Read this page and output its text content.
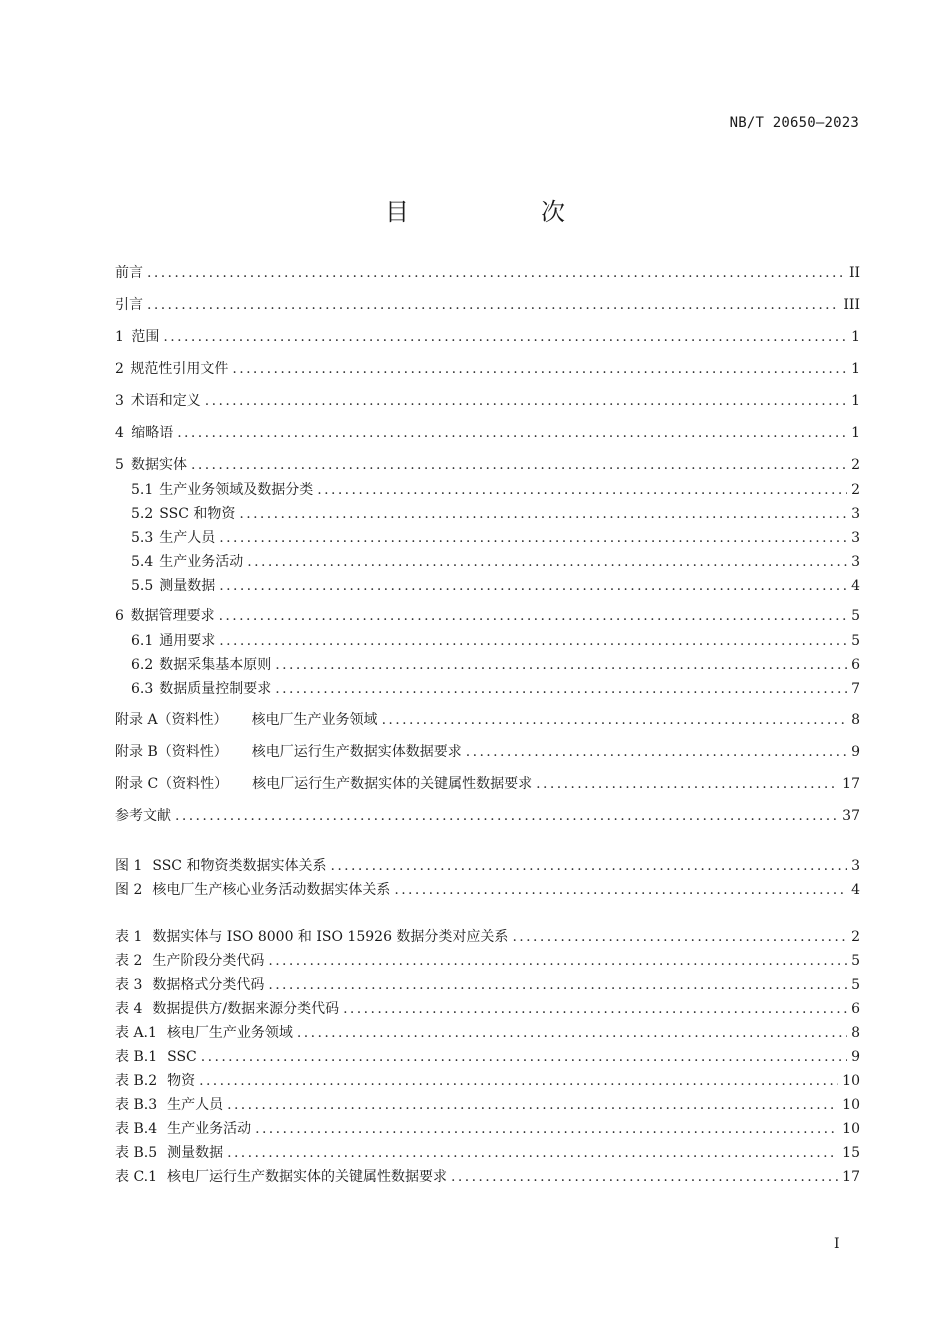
NB/T 20650—2023
目　次
前言 .....	II
引言 .....	III
1 范围 .....	1
2 规范性引用文件 .....	1
3 术语和定义 .....	1
4 缩略语 .....	1
5 数据实体 .....	2
5.1 生产业务领域及数据分类 .....	2
5.2 SSC 和物资 .....	3
5.3 生产人员 .....	3
5.4 生产业务活动 .....	3
5.5 测量数据 .....	4
6 数据管理要求 .....	5
6.1 通用要求 .....	5
6.2 数据采集基本原则 .....	6
6.3 数据质量控制要求 .....	7
附录 A（资料性）	核电厂生产业务领域 .....	8
附录 B（资料性）	核电厂运行生产数据实体数据要求 .....	9
附录 C（资料性）	核电厂运行生产数据实体的关键属性数据要求 .....	17
参考文献 .....	37
图 1 SSC 和物资类数据实体关系 .....	3
图 2 核电厂生产核心业务活动数据实体关系 .....	4
表 1 数据实体与 ISO 8000 和 ISO 15926 数据分类对应关系 .....	2
表 2 生产阶段分类代码 .....	5
表 3 数据格式分类代码 .....	5
表 4 数据提供方/数据来源分类代码 .....	6
表 A.1 核电厂生产业务领域 .....	8
表 B.1 SSC .....	9
表 B.2 物资 .....	10
表 B.3 生产人员 .....	10
表 B.4 生产业务活动 .....	10
表 B.5 测量数据 .....	15
表 C.1 核电厂运行生产数据实体的关键属性数据要求 .....	17
I
